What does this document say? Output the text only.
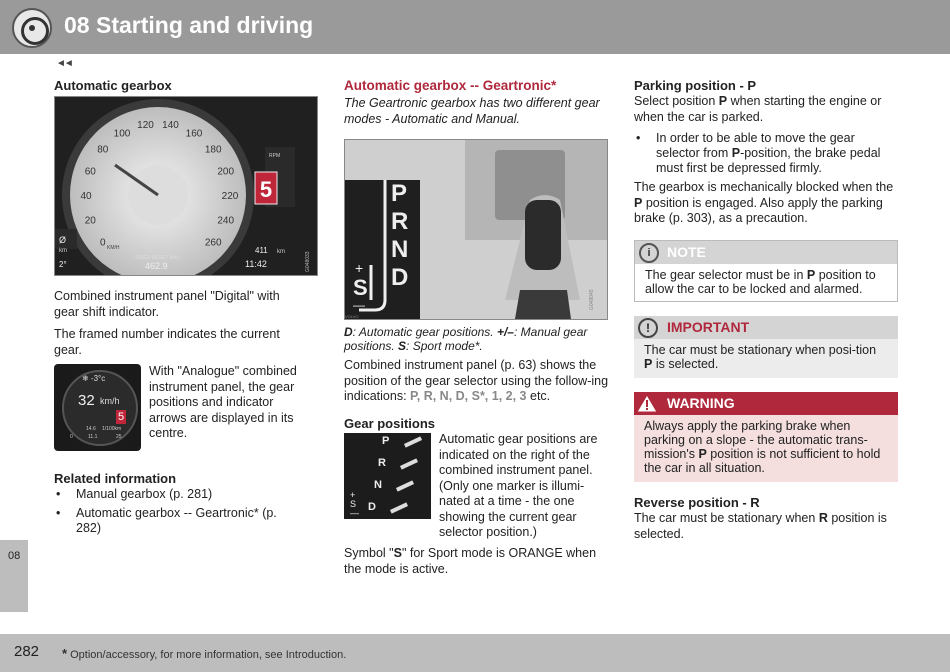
08 Starting and driving
◄◄
Automatic gearbox
0
20
40
60
80
100
120 140
160
180
200
220
240
260
5
RPM
411 km
11:42
2°
Ø
km
SINCE RESET (km)
462.9
KM/H
G048033
Combined instrument panel "Digital" with gear shift indicator.
The framed number indicates the current gear.
❄ -3°c
32 km/h
5
14.6 1/100km
11.1
0	25
With "Analogue" combined instrument panel, the gear positions and indicator arrows are displayed in its centre.
Related information
• Manual gearbox (p. 281)
• Automatic gearbox -- Geartronic* (p. 282)
08
Automatic gearbox -- Geartronic*
The Geartronic gearbox has two different gear modes - Automatic and Manual.
VOLVO
P
R
N
D
+
S
—	G048045
D: Automatic gear positions. +/–: Manual gear positions. S: Sport mode*.
Combined instrument panel (p. 63) shows the position of the gear selector using the follow-ing indications: P, R, N, D, S*, 1, 2, 3 etc.
Gear positions
P
R
N
D
+
S
—
Automatic gear positions are indicated on the right of the combined instrument panel. (Only one marker is illumi-nated at a time - the one showing the current gear selector position.)
Symbol "S" for Sport mode is ORANGE when the mode is active.
Parking position - P
Select position P when starting the engine or when the car is parked.
• In order to be able to move the gear selector from P-position, the brake pedal must first be depressed firmly.
The gearbox is mechanically blocked when the P position is engaged. Also apply the parking brake (p. 303), as a precaution.
i	NOTE
The gear selector must be in P position to allow the car to be locked and alarmed.
!	IMPORTANT
The car must be stationary when posi-tion P is selected.
WARNING
Always apply the parking brake when parking on a slope - the automatic trans-mission's P position is not sufficient to hold the car in all situation.
Reverse position - R
The car must be stationary when R position is selected.
282 * Option/accessory, for more information, see Introduction.
